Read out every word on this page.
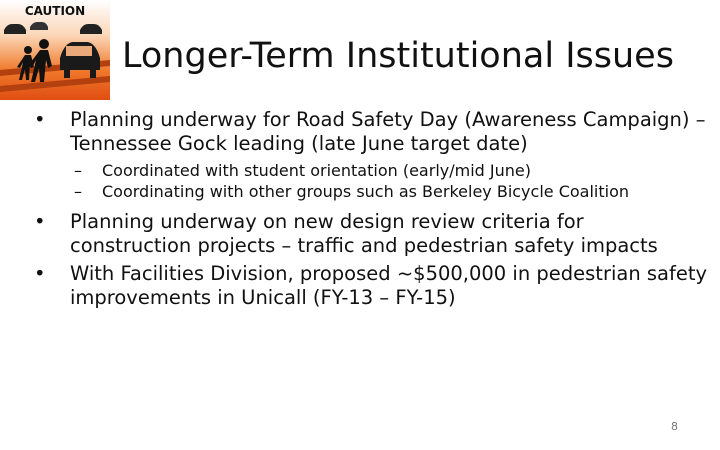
CAUTION
Longer-Term Institutional Issues
• Planning underway for Road Safety Day (Awareness Campaign) – Tennessee Gock leading (late June target date)
– Coordinated with student orientation (early/mid June)
– Coordinating with other groups such as Berkeley Bicycle Coalition
• Planning underway on new design review criteria for construction projects – traffic and pedestrian safety impacts
• With Facilities Division, proposed ~$500,000 in pedestrian safety improvements in Unicall (FY-13 – FY-15)
8
